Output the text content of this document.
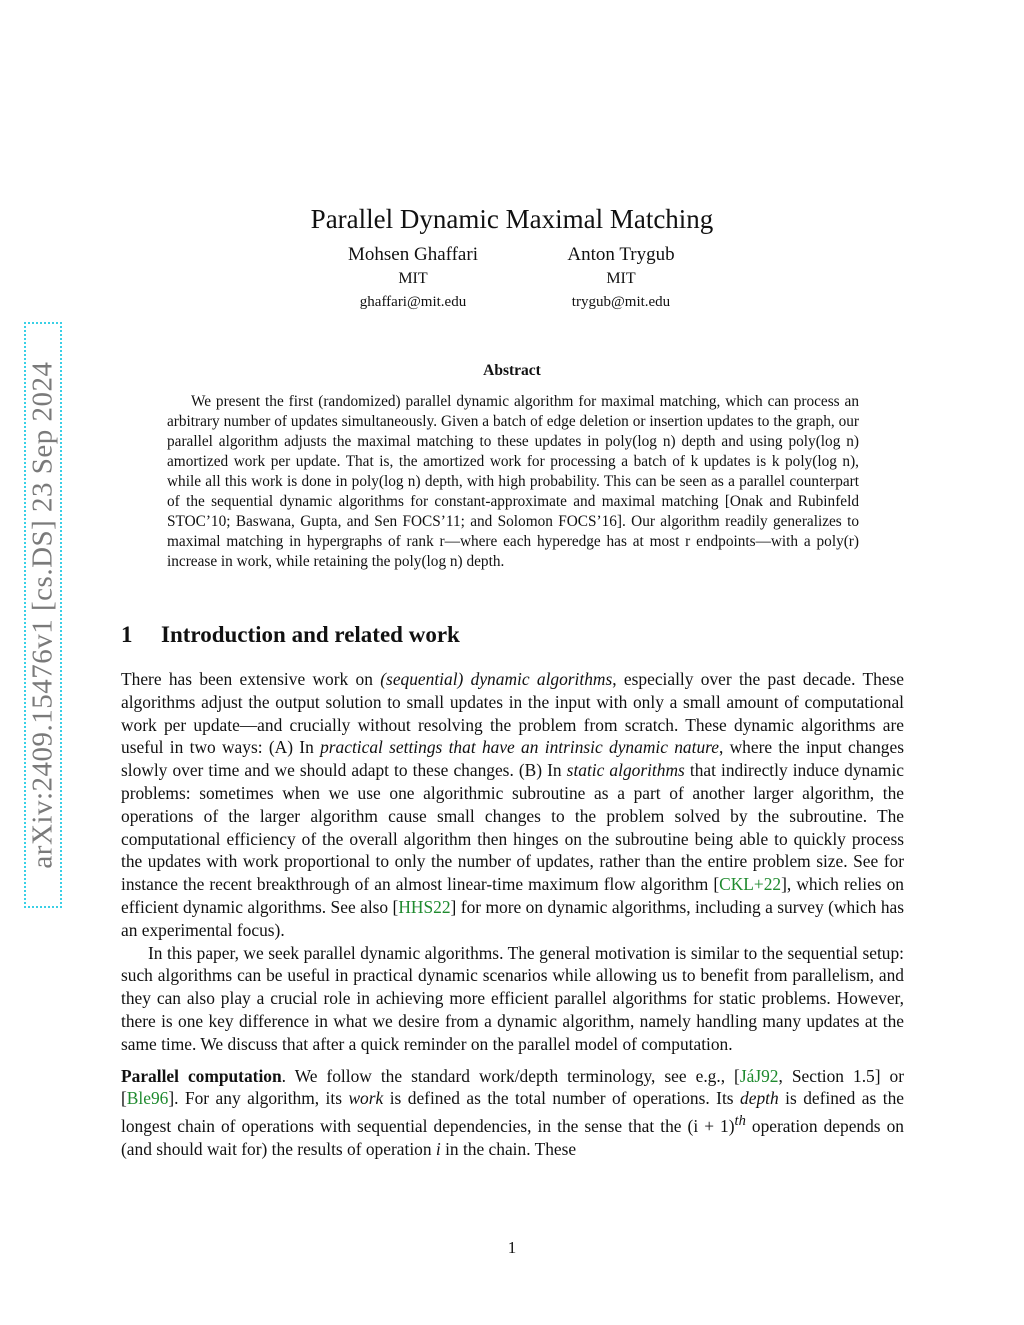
arXiv:2409.15476v1 [cs.DS] 23 Sep 2024
Parallel Dynamic Maximal Matching
Mohsen Ghaffari
MIT
ghaffari@mit.edu
Anton Trygub
MIT
trygub@mit.edu
Abstract

We present the first (randomized) parallel dynamic algorithm for maximal matching, which can process an arbitrary number of updates simultaneously. Given a batch of edge deletion or insertion updates to the graph, our parallel algorithm adjusts the maximal matching to these updates in poly(log n) depth and using poly(log n) amortized work per update. That is, the amortized work for processing a batch of k updates is k poly(log n), while all this work is done in poly(log n) depth, with high probability. This can be seen as a parallel counterpart of the sequential dynamic algorithms for constant-approximate and maximal matching [Onak and Rubinfeld STOC’10; Baswana, Gupta, and Sen FOCS’11; and Solomon FOCS’16]. Our algorithm readily generalizes to maximal matching in hypergraphs of rank r—where each hyperedge has at most r endpoints—with a poly(r) increase in work, while retaining the poly(log n) depth.

1 Introduction and related work

There has been extensive work on (sequential) dynamic algorithms, especially over the past decade. These algorithms adjust the output solution to small updates in the input with only a small amount of computational work per update—and crucially without resolving the problem from scratch. These dynamic algorithms are useful in two ways: (A) In practical settings that have an intrinsic dynamic nature, where the input changes slowly over time and we should adapt to these changes. (B) In static algorithms that indirectly induce dynamic problems: sometimes when we use one algorithmic subroutine as a part of another larger algorithm, the operations of the larger algorithm cause small changes to the problem solved by the subroutine. The computational efficiency of the overall algorithm then hinges on the subroutine being able to quickly process the updates with work proportional to only the number of updates, rather than the entire problem size. See for instance the recent breakthrough of an almost linear-time maximum flow algorithm [CKL+22], which relies on efficient dynamic algorithms. See also [HHS22] for more on dynamic algorithms, including a survey (which has an experimental focus).

In this paper, we seek parallel dynamic algorithms. The general motivation is similar to the sequential setup: such algorithms can be useful in practical dynamic scenarios while allowing us to benefit from parallelism, and they can also play a crucial role in achieving more efficient parallel algorithms for static problems. However, there is one key difference in what we desire from a dynamic algorithm, namely handling many updates at the same time. We discuss that after a quick reminder on the parallel model of computation.

Parallel computation. We follow the standard work/depth terminology, see e.g., [JáJ92, Section 1.5] or [Ble96]. For any algorithm, its work is defined as the total number of operations. Its depth is defined as the longest chain of operations with sequential dependencies, in the sense that the $(i + 1)^{th}$ operation depends on (and should wait for) the results of operation i in the chain. These

1
